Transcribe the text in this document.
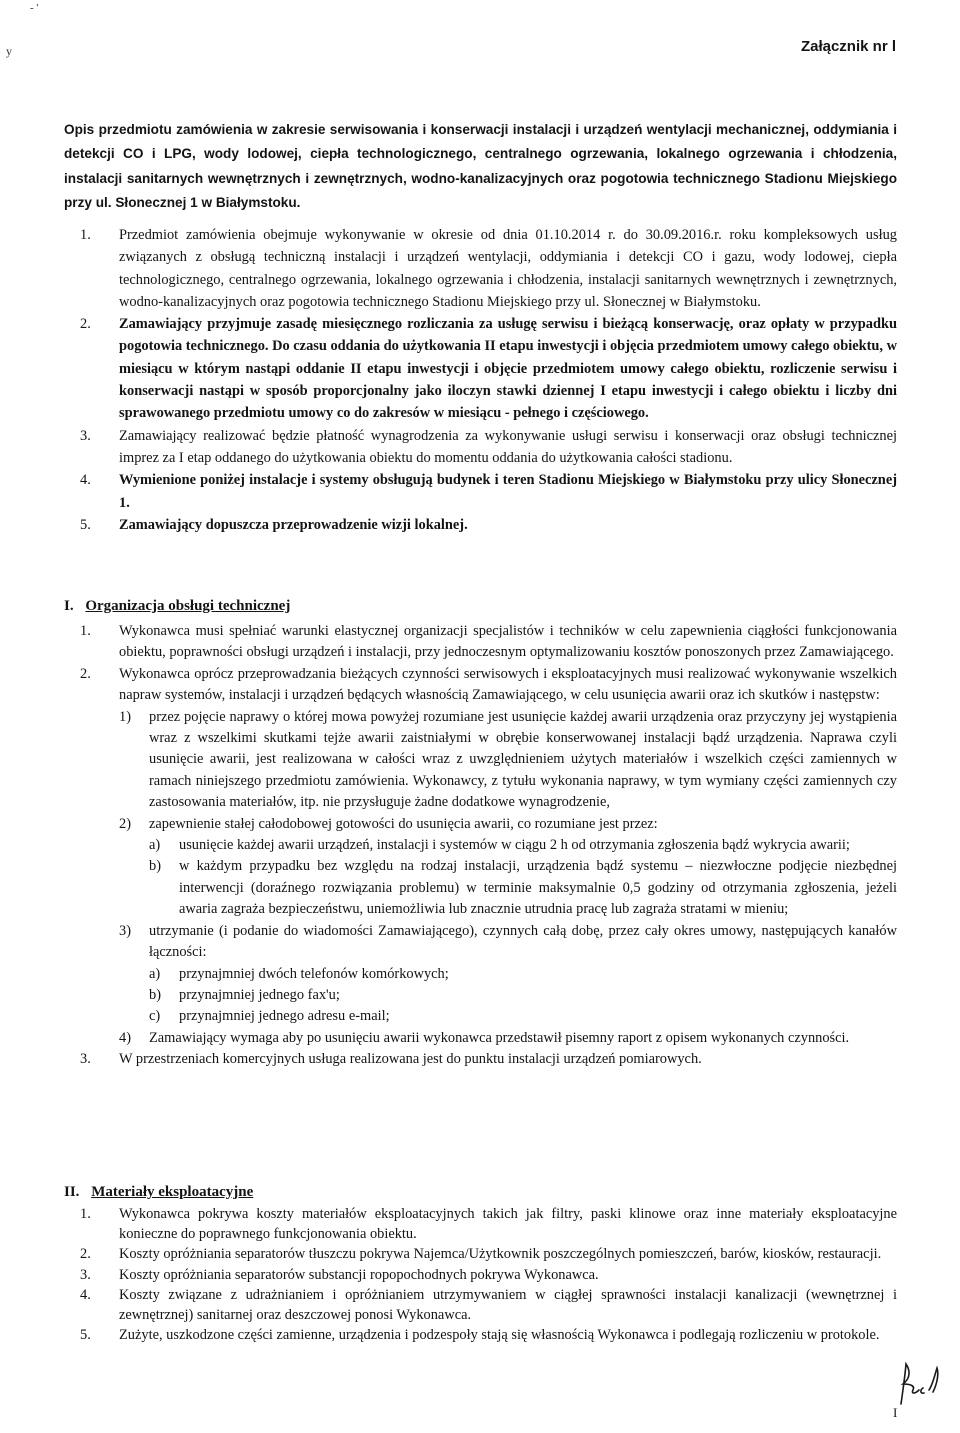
- '
y	Załącznik nr l
Opis przedmiotu zamówienia w zakresie serwisowania i konserwacji instalacji i urządzeń wentylacji mechanicznej, oddymiania i detekcji CO i LPG, wody lodowej, ciepła technologicznego, centralnego ogrzewania, lokalnego ogrzewania i chłodzenia, instalacji sanitarnych wewnętrznych i zewnętrznych, wodno-kanalizacyjnych oraz pogotowia technicznego Stadionu Miejskiego przy ul. Słonecznej 1 w Białymstoku.
1. Przedmiot zamówienia obejmuje wykonywanie w okresie od dnia 01.10.2014 r. do 30.09.2016.r. roku kompleksowych usług związanych z obsługą techniczną instalacji i urządzeń wentylacji, oddymiania i detekcji CO i gazu, wody lodowej, ciepła technologicznego, centralnego ogrzewania, lokalnego ogrzewania i chłodzenia, instalacji sanitarnych wewnętrznych i zewnętrznych, wodno-kanalizacyjnych oraz pogotowia technicznego Stadionu Miejskiego przy ul. Słonecznej w Białymstoku.
2. Zamawiający przyjmuje zasadę miesięcznego rozliczania za usługę serwisu i bieżącą konserwację, oraz opłaty w przypadku pogotowia technicznego. Do czasu oddania do użytkowania II etapu inwestycji i objęcia przedmiotem umowy całego obiektu, w miesiącu w którym nastąpi oddanie II etapu inwestycji i objęcie przedmiotem umowy całego obiektu, rozliczenie serwisu i konserwacji nastąpi w sposób proporcjonalny jako iloczyn stawki dziennej I etapu inwestycji i całego obiektu i liczby dni sprawowanego przedmiotu umowy co do zakresów w miesiącu - pełnego i częściowego.
3. Zamawiający realizować będzie płatność wynagrodzenia za wykonywanie usługi serwisu i konserwacji oraz obsługi technicznej imprez za I etap oddanego do użytkowania obiektu do momentu oddania do użytkowania całości stadionu.
4. Wymienione poniżej instalacje i systemy obsługują budynek i teren Stadionu Miejskiego w Białymstoku przy ulicy Słonecznej 1.
5. Zamawiający dopuszcza przeprowadzenie wizji lokalnej.
I. Organizacja obsługi technicznej
1. Wykonawca musi spełniać warunki elastycznej organizacji specjalistów i techników w celu zapewnienia ciągłości funkcjonowania obiektu, poprawności obsługi urządzeń i instalacji, przy jednoczesnym optymalizowaniu kosztów ponoszonych przez Zamawiającego.
2. Wykonawca oprócz przeprowadzania bieżących czynności serwisowych i eksploatacyjnych musi realizować wykonywanie wszelkich napraw systemów, instalacji i urządzeń będących własnością Zamawiającego, w celu usunięcia awarii oraz ich skutków i następstw:
1) przez pojęcie naprawy o której mowa powyżej rozumiane jest usunięcie każdej awarii urządzenia oraz przyczyny jej wystąpienia wraz z wszelkimi skutkami tejże awarii zaistniałymi w obrębie konserwowanej instalacji bądź urządzenia. Naprawa czyli usunięcie awarii, jest realizowana w całości wraz z uwzględnieniem użytych materiałów i wszelkich części zamiennych w ramach niniejszego przedmiotu zamówienia. Wykonawcy, z tytułu wykonania naprawy, w tym wymiany części zamiennych czy zastosowania materiałów, itp. nie przysługuje żadne dodatkowe wynagrodzenie,
2) zapewnienie stałej całodobowej gotowości do usunięcia awarii, co rozumiane jest przez:
a) usunięcie każdej awarii urządzeń, instalacji i systemów w ciągu 2 h od otrzymania zgłoszenia bądź wykrycia awarii;
b) w każdym przypadku bez względu na rodzaj instalacji, urządzenia bądź systemu – niezwłoczne podjęcie niezbędnej interwencji (doraźnego rozwiązania problemu) w terminie maksymalnie 0,5 godziny od otrzymania zgłoszenia, jeżeli awaria zagraża bezpieczeństwu, uniemożliwia lub znacznie utrudnia pracę lub zagraża stratami w mieniu;
3) utrzymanie (i podanie do wiadomości Zamawiającego), czynnych całą dobę, przez cały okres umowy, następujących kanałów łączności:
a) przynajmniej dwóch telefonów komórkowych;
b) przynajmniej jednego fax'u;
c) przynajmniej jednego adresu e-mail;
4) Zamawiający wymaga aby po usunięciu awarii wykonawca przedstawił pisemny raport z opisem wykonanych czynności.
3. W przestrzeniach komercyjnych usługa realizowana jest do punktu instalacji urządzeń pomiarowych.
II. Materiały eksploatacyjne
1. Wykonawca pokrywa koszty materiałów eksploatacyjnych takich jak filtry, paski klinowe oraz inne materiały eksploatacyjne konieczne do poprawnego funkcjonowania obiektu.
2. Koszty opróżniania separatorów tłuszczu pokrywa Najemca/Użytkownik poszczególnych pomieszczeń, barów, kiosków, restauracji.
3. Koszty opróżniania separatorów substancji ropopochodnych pokrywa Wykonawca.
4. Koszty związane z udrażnianiem i opróżnianiem utrzymywaniem w ciągłej sprawności instalacji kanalizacji (wewnętrznej i zewnętrznej) sanitarnej oraz deszczowej ponosi Wykonawca.
5. Zużyte, uszkodzone części zamienne, urządzenia i podzespoły stają się własnością Wykonawca i podlegają rozliczeniu w protokole.
I
